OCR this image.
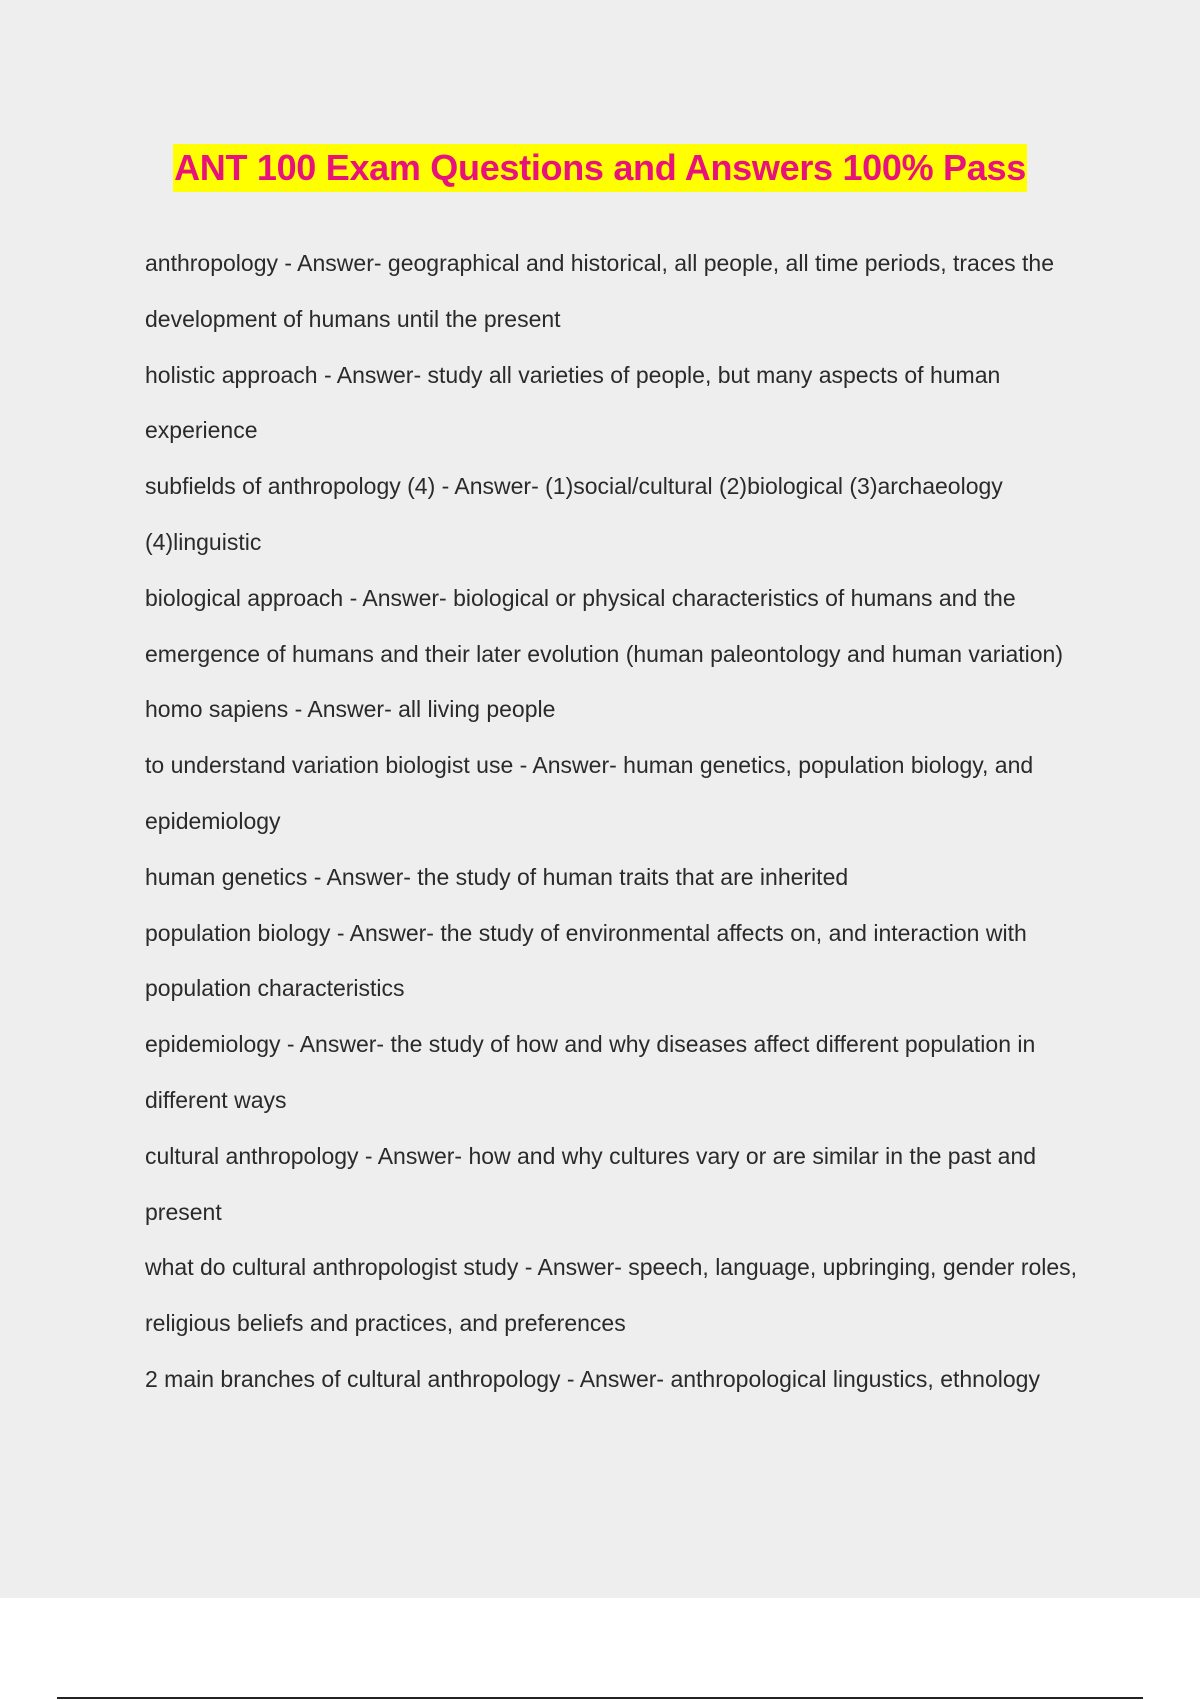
ANT 100 Exam Questions and Answers 100% Pass

anthropology - Answer- geographical and historical, all people, all time periods, traces the development of humans until the present

holistic approach - Answer- study all varieties of people, but many aspects of human experience

subfields of anthropology (4) - Answer- (1)social/cultural (2)biological (3)archaeology (4)linguistic

biological approach - Answer- biological or physical characteristics of humans and the emergence of humans and their later evolution (human paleontology and human variation)

homo sapiens - Answer- all living people

to understand variation biologist use - Answer- human genetics, population biology, and epidemiology

human genetics - Answer- the study of human traits that are inherited

population biology - Answer- the study of environmental affects on, and interaction with population characteristics

epidemiology - Answer- the study of how and why diseases affect different population in different ways

cultural anthropology - Answer- how and why cultures vary or are similar in the past and present

what do cultural anthropologist study - Answer- speech, language, upbringing, gender roles, religious beliefs and practices, and preferences

2 main branches of cultural anthropology - Answer- anthropological lingustics, ethnology
